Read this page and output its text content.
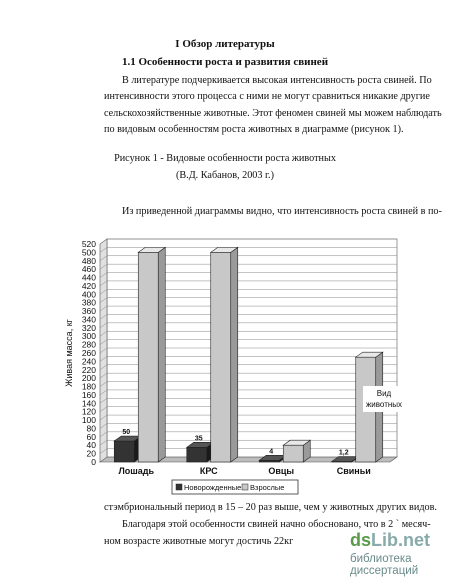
I Обзор литературы
1.1 Особенности роста и развития свиней
В литературе подчеркивается высокая интенсивность роста свиней. По
интенсивности этого процесса с ними не могут сравниться никакие другие
сельскохозяйственные животные. Этот феномен свиней мы можем наблюдать
по видовым особенностям роста животных в диаграмме (рисунок 1).
Рисунок 1 - Видовые особенности роста животных
(В.Д. Кабанов, 2003 г.)
Из приведенной диаграммы видно, что интенсивность роста свиней в по-
0
20
40
60
80
100
120
140
160
180
200
220
240
260
280
300
320
340
360
380
400
420
440
460
480
500
520
Живая масса, кг
50
Лошадь
35
КРС
4
Овцы
1,2
Свиньи
Вид
животных
Новорожденные Взрослые
стэмбриональный период в 15 – 20 раз выше, чем у животных других видов.
Благодаря этой особенности свиней начно обосновано, что в 2 ` месяч-
ном возрасте животные могут достичь 22кг	dsLib.net
библиотека диссертаций
